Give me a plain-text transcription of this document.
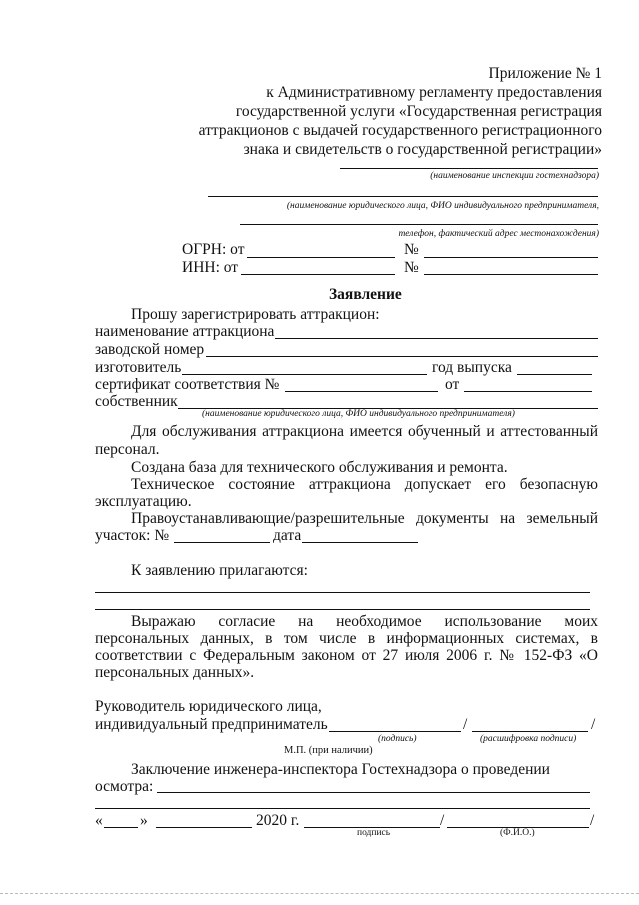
Приложение № 1
к Административному регламенту предоставления
государственной услуги «Государственная регистрация
аттракционов с выдачей государственного регистрационного
знака и свидетельств о государственной регистрации»
(наименование инспекции гостехнадзора)
(наименование юридического лица, ФИО индивидуального предпринимателя,
телефон, фактический адрес местонахождения)
ОГРН: от	№
ИНН: от	№
Заявление
Прошу зарегистрировать аттракцион:
наименование аттракциона
заводской номер
изготовитель	год выпуска
сертификат соответствия №	от
собственник
(наименование юридического лица, ФИО индивидуального предпринимателя)
Для обслуживания аттракциона имеется обученный и аттестованный
персонал.
Создана база для технического обслуживания и ремонта.
Техническое состояние аттракциона допускает его безопасную
эксплуатацию.
Правоустанавливающие/разрешительные документы на земельный
участок: №	дата
К заявлению прилагаются:
Выражаю согласие на необходимое использование моих
персональных данных, в том числе в информационных системах, в
соответствии с Федеральным законом от 27 июля 2006 г. № 152-ФЗ «О
персональных данных».
Руководитель юридического лица,
индивидуальный предприниматель	/	/
(подпись)	(расшифровка подписи)
М.П. (при наличии)
Заключение инженера-инспектора Гостехнадзора о проведении
осмотра:
« »	2020 г.	/	/
подпись	(Ф.И.О.)
